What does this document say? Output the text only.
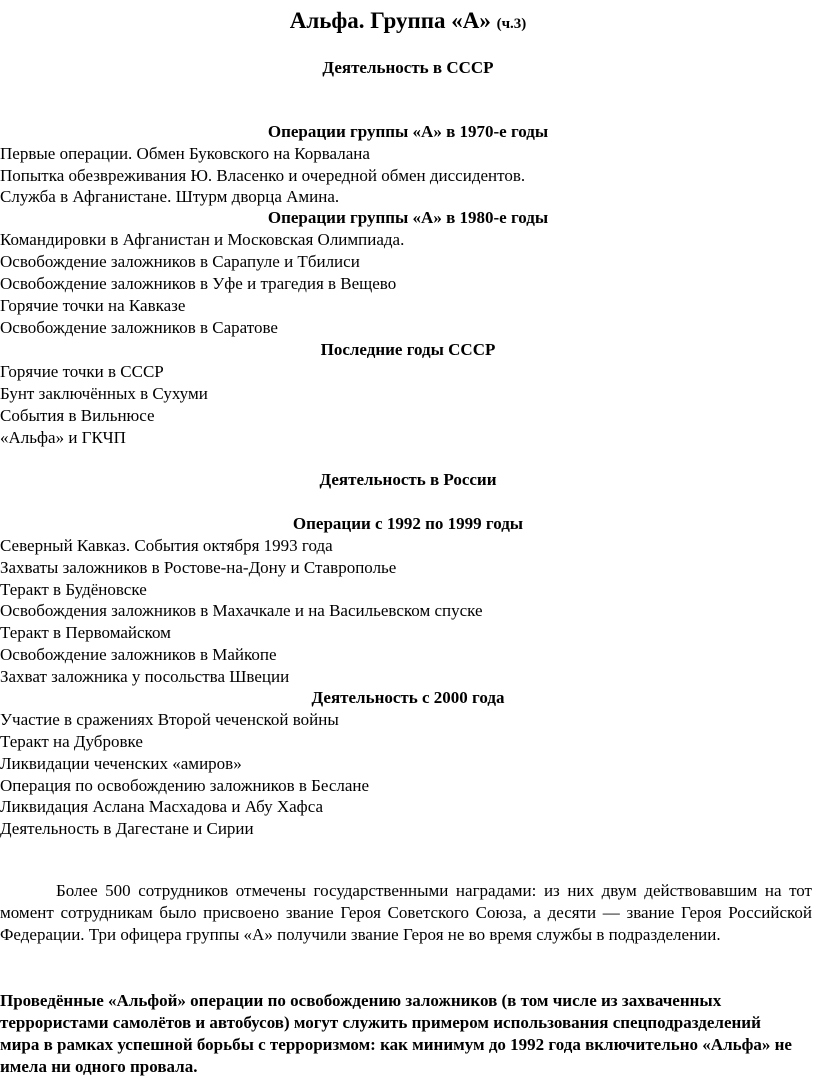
Альфа. Группа «А» (ч.3)
Деятельность в СССР
Операции группы «А» в 1970-е годы
Первые операции. Обмен Буковского на Корвалана
Попытка обезвреживания Ю. Власенко и очередной обмен диссидентов.
Служба в Афганистане. Штурм дворца Амина.
Операции группы «А» в 1980-е годы
Командировки в Афганистан и Московская Олимпиада.
Освобождение заложников в Сарапуле и Тбилиси
Освобождение заложников в Уфе и трагедия в Вещево
Горячие точки на Кавказе
Освобождение заложников в Саратове
Последние годы СССР
Горячие точки в СССР
Бунт заключённых в Сухуми
События в Вильнюсе
«Альфа» и ГКЧП
Деятельность в России
Операции с 1992 по 1999 годы
Северный Кавказ. События октября 1993 года
Захваты заложников в Ростове-на-Дону и Ставрополье
Теракт в Будёновске
Освобождения заложников в Махачкале и на Васильевском спуске
Теракт в Первомайском
Освобождение заложников в Майкопе
Захват заложника у посольства Швеции
Деятельность с 2000 года
Участие в сражениях Второй чеченской войны
Теракт на Дубровке
Ликвидации чеченских «амиров»
Операция по освобождению заложников в Беслане
Ликвидация Аслана Масхадова и Абу Хафса
Деятельность в Дагестане и Сирии
Более 500 сотрудников отмечены государственными наградами: из них двум действовавшим на тот момент сотрудникам было присвоено звание Героя Советского Союза, а десяти — звание Героя Российской Федерации. Три офицера группы «А» получили звание Героя не во время службы в подразделении.
Проведённые «Альфой» операции по освобождению заложников (в том числе из захваченных террористами самолётов и автобусов) могут служить примером использования спецподразделений мира в рамках успешной борьбы с терроризмом: как минимум до 1992 года включительно «Альфа» не имела ни одного провала.
